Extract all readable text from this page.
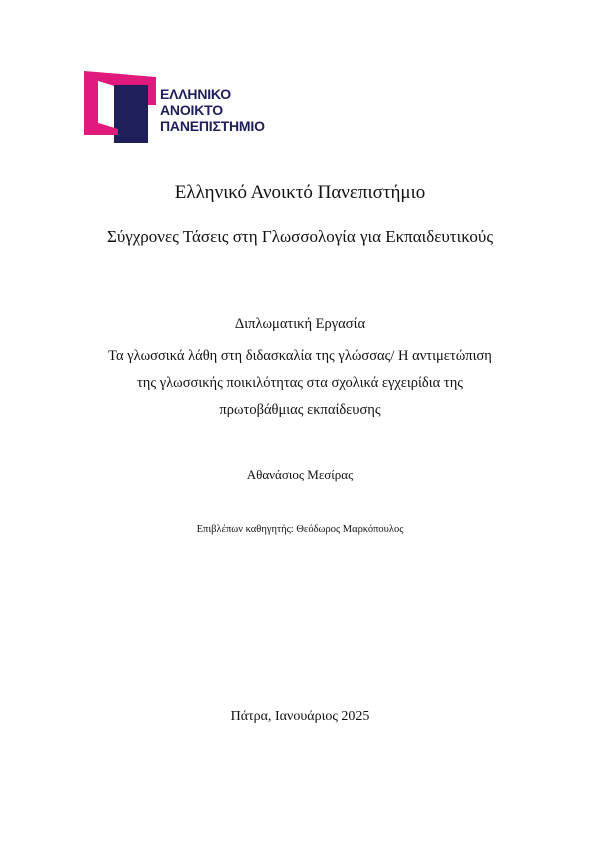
ΕΛΛΗΝΙΚΟ
ΑΝΟΙΚΤΟ
ΠΑΝΕΠΙΣΤΗΜΙΟ
Ελληνικό Ανοικτό Πανεπιστήμιο
Σύγχρονες Τάσεις στη Γλωσσολογία για Εκπαιδευτικούς
Διπλωματική Εργασία
Τα γλωσσικά λάθη στη διδασκαλία της γλώσσας/ Η αντιμετώπιση
της γλωσσικής ποικιλότητας στα σχολικά εγχειρίδια της
πρωτοβάθμιας εκπαίδευσης
Αθανάσιος Μεσίρας
Επιβλέπων καθηγητής: Θεόδωρος Μαρκόπουλος
Πάτρα, Ιανουάριος 2025
